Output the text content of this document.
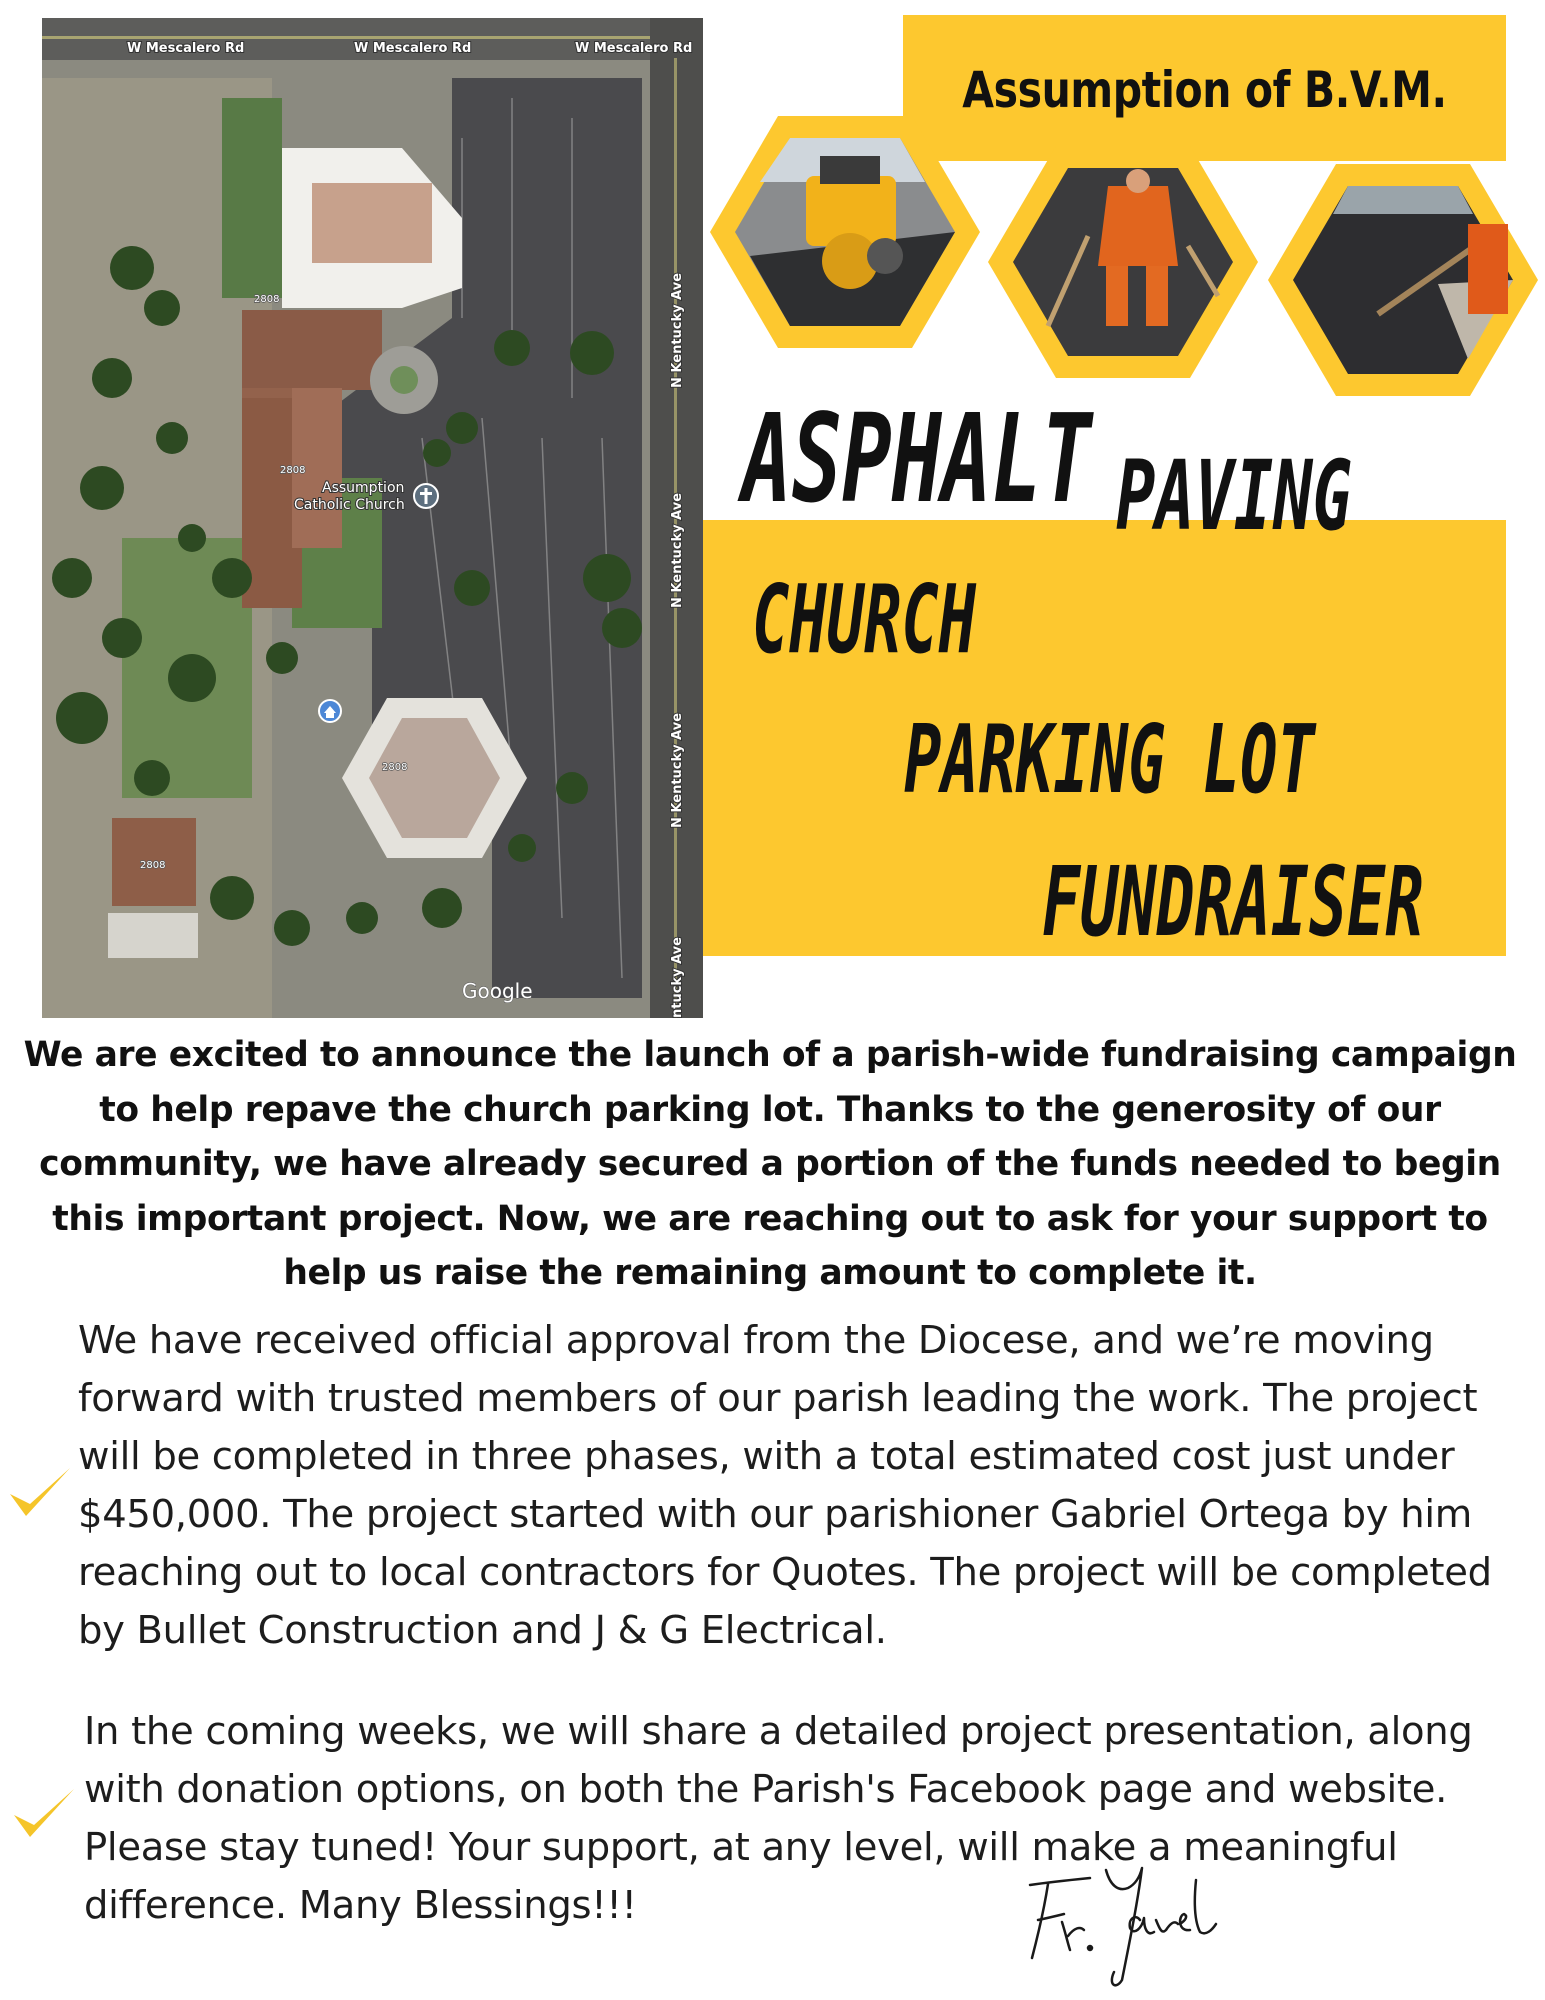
W Mescalero Rd	W Mescalero Rd	W Mescalero Rd
N Kentucky Ave
N Kentucky Ave
N Kentucky Ave
ntucky Ave
2808
2808
2808
2808
Assumption
Catholic Church
Google
Assumption of B.V.M.
ASPHALT PAVING
CHURCH
PARKING LOT
FUNDRAISER

We are excited to announce the launch of a parish-wide fundraising campaign to help repave the church parking lot. Thanks to the generosity of our community, we have already secured a portion of the funds needed to begin this important project. Now, we are reaching out to ask for your support to help us raise the remaining amount to complete it.

We have received official approval from the Diocese, and we’re moving forward with trusted members of our parish leading the work. The project will be completed in three phases, with a total estimated cost just under $450,000. The project started with our parishioner Gabriel Ortega by him reaching out to local contractors for Quotes. The project will be completed by Bullet Construction and J & G Electrical.

In the coming weeks, we will share a detailed project presentation, along with donation options, on both the Parish's Facebook page and website. Please stay tuned! Your support, at any level, will make a meaningful difference. Many Blessings!!!
